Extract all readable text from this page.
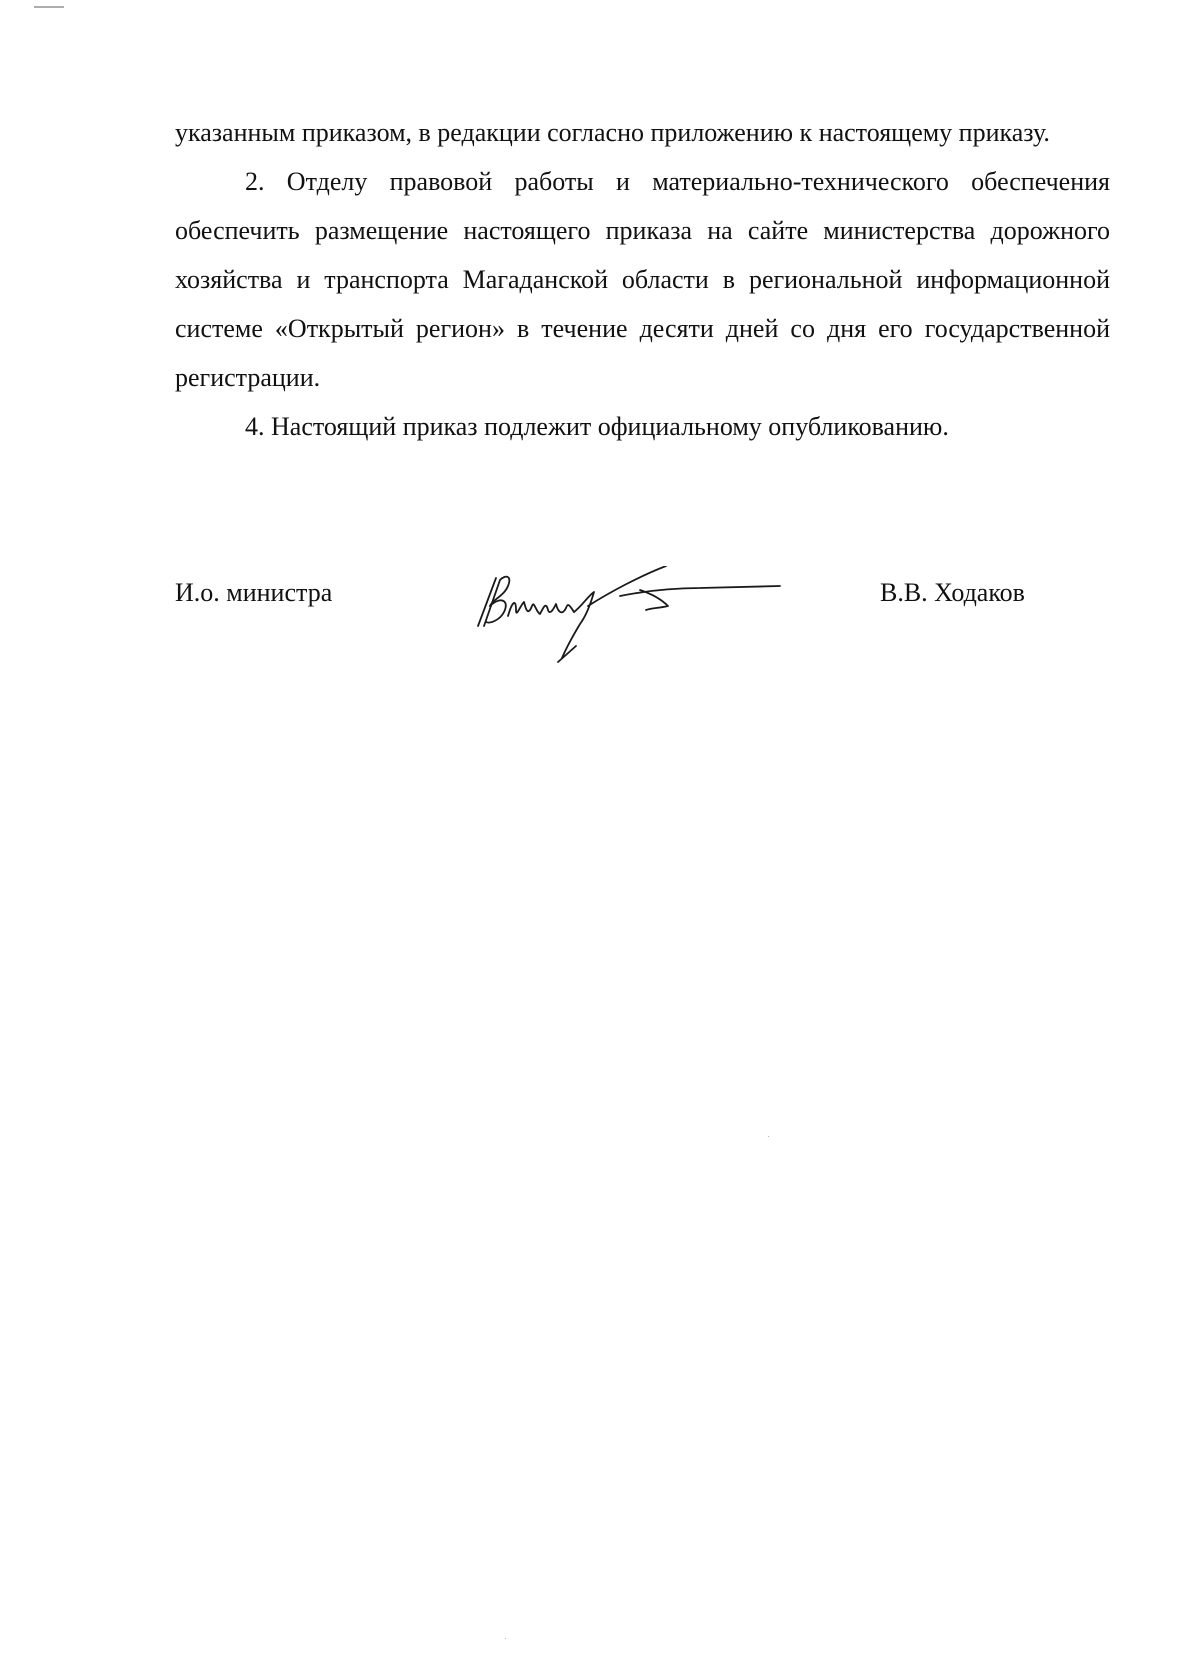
указанным приказом, в редакции согласно приложению к настоящему приказу.

2. Отделу правовой работы и материально-технического обеспечения обеспечить размещение настоящего приказа на сайте министерства дорожного хозяйства и транспорта Магаданской области в региональной информационной системе «Открытый регион» в течение десяти дней со дня его государственной регистрации.

4. Настоящий приказ подлежит официальному опубликованию.

И.о. министра	В.В. Ходаков
